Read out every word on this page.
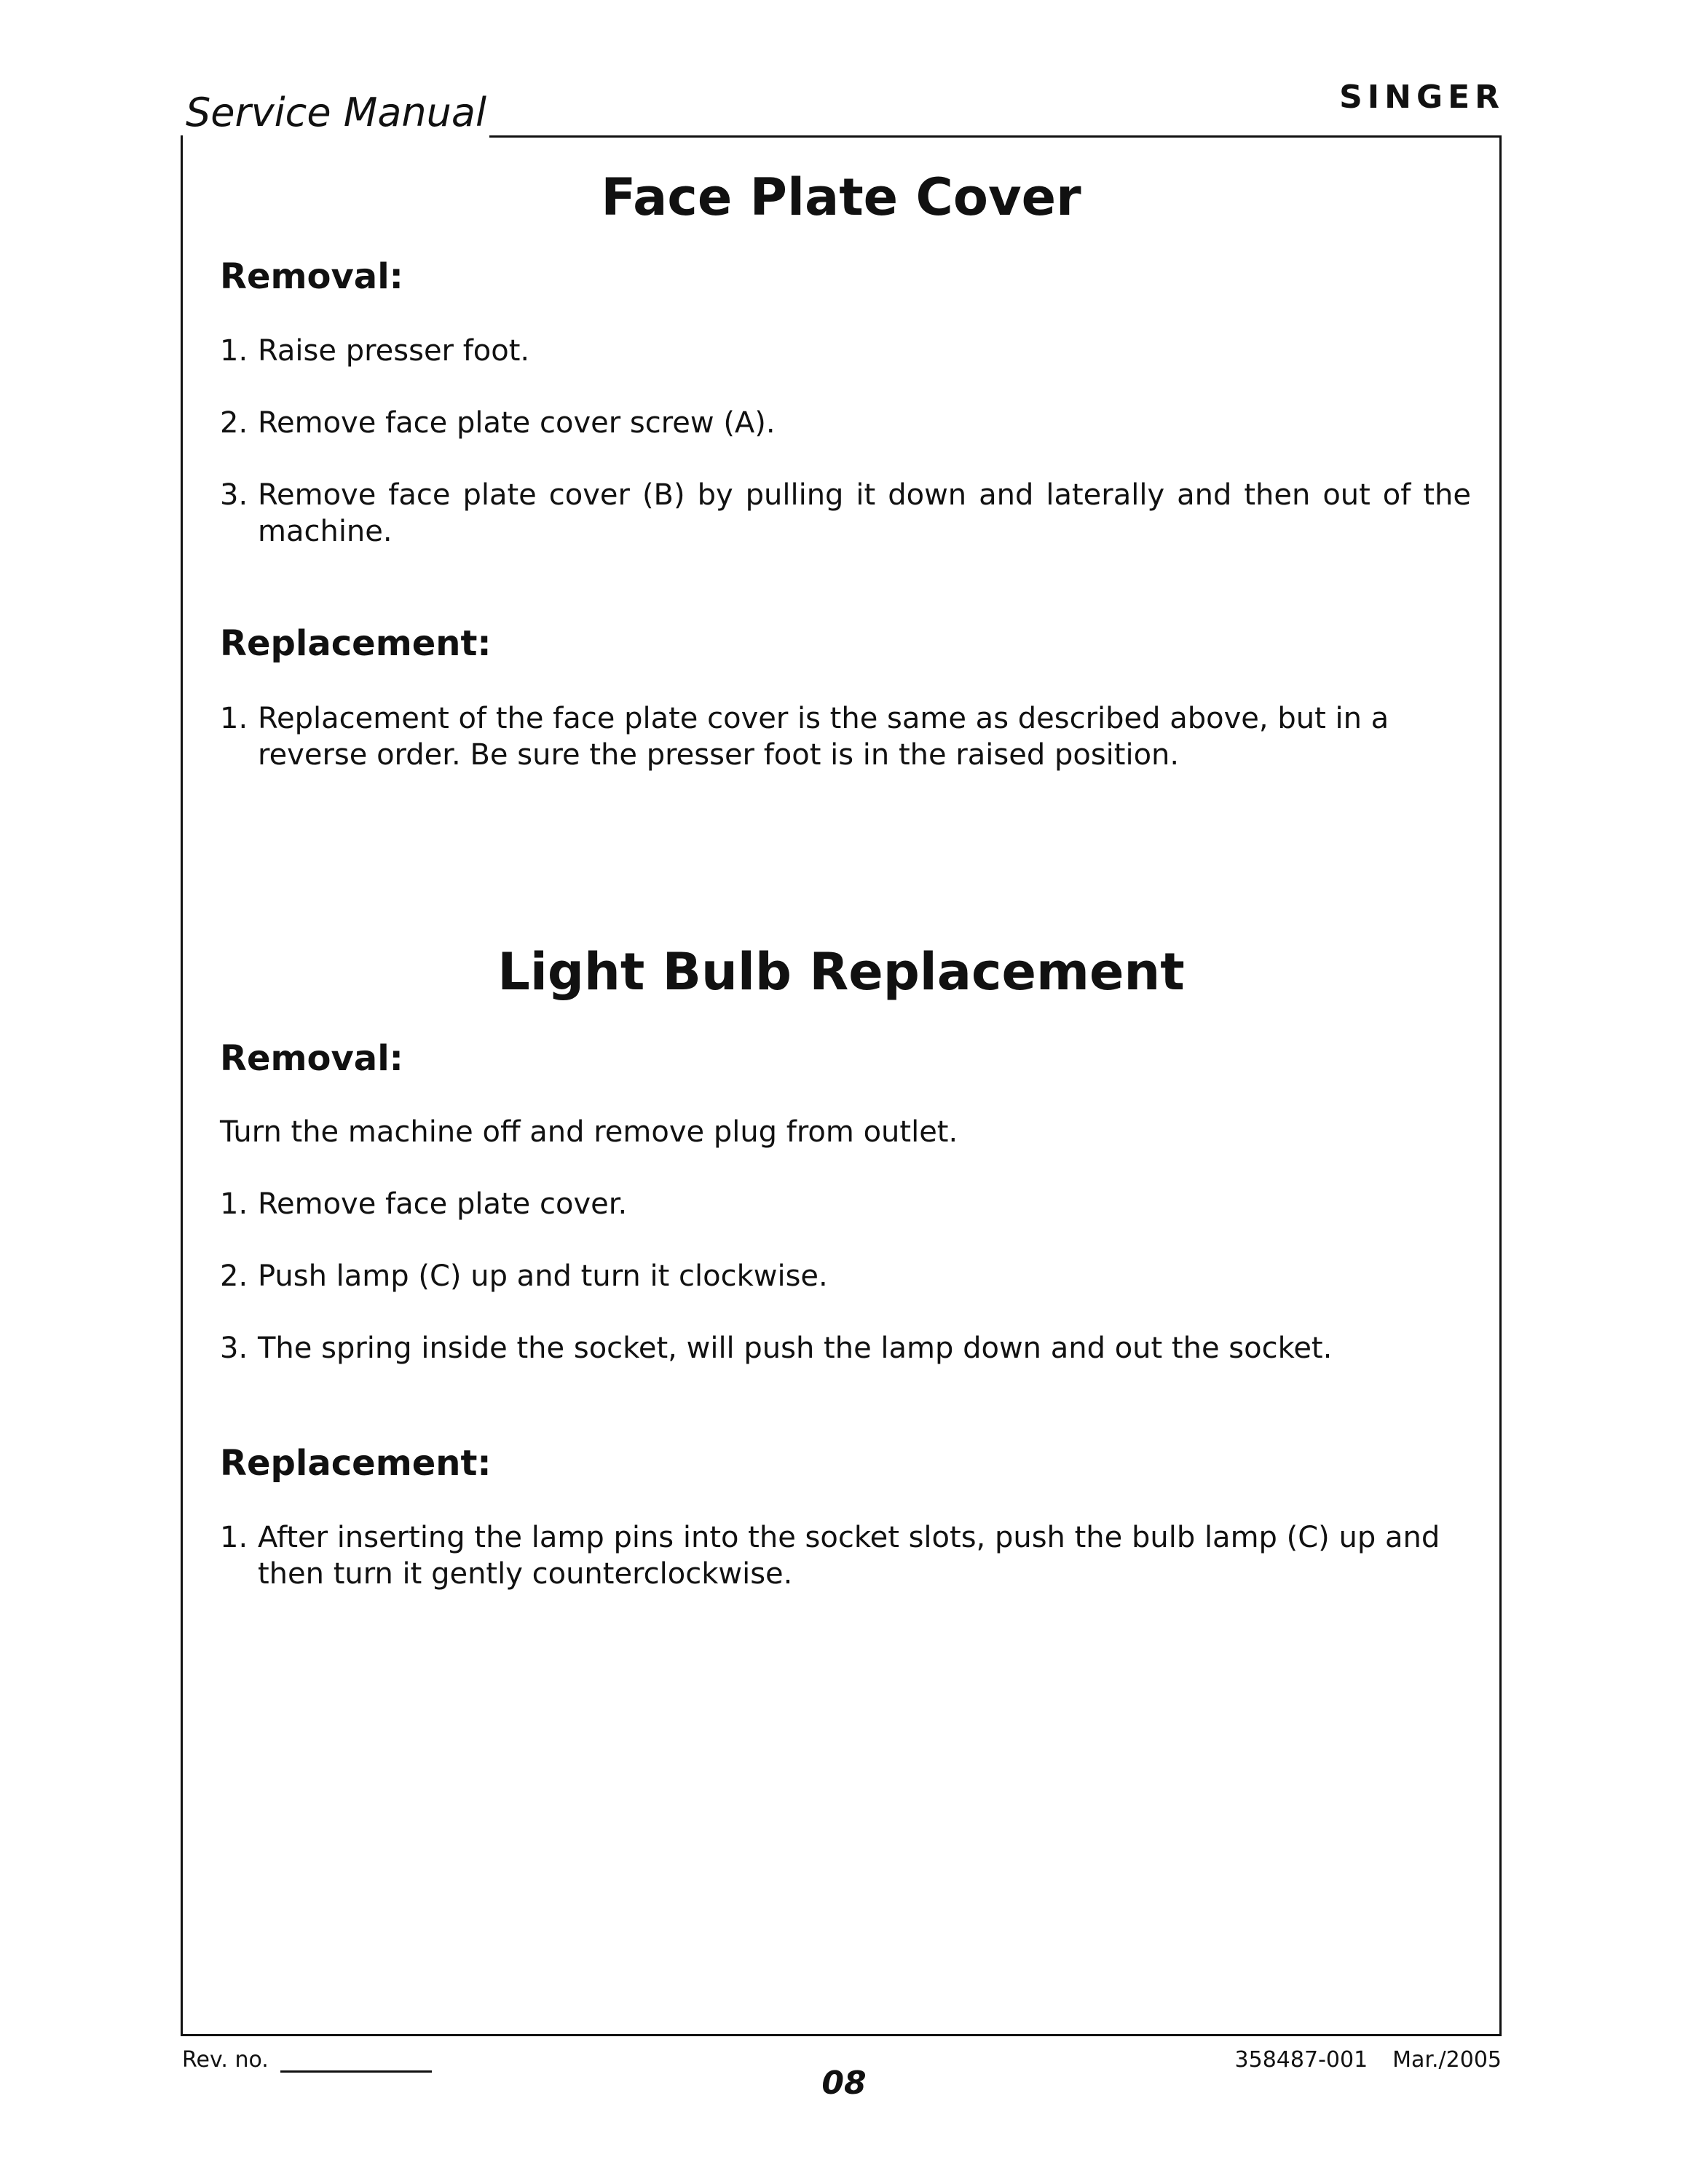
Service Manual	SINGER
Face Plate Cover
Removal:
1. Raise presser foot.
2. Remove face plate cover screw (A).
3. Remove face plate cover (B) by pulling it down and laterally and then out of the machine.
Replacement:
1. Replacement of the face plate cover is the same as described above, but in a reverse order. Be sure the presser foot is in the raised position.
Light Bulb Replacement
Removal:
Turn the machine off and remove plug from outlet.
1. Remove face plate cover.
2. Push lamp (C) up and turn it clockwise.
3. The spring inside the socket, will push the lamp down and out the socket.
Replacement:
1. After inserting the lamp pins into the socket slots, push the bulb lamp (C) up and then turn it gently counterclockwise.
Rev. no.
08
358487-001 Mar./2005
